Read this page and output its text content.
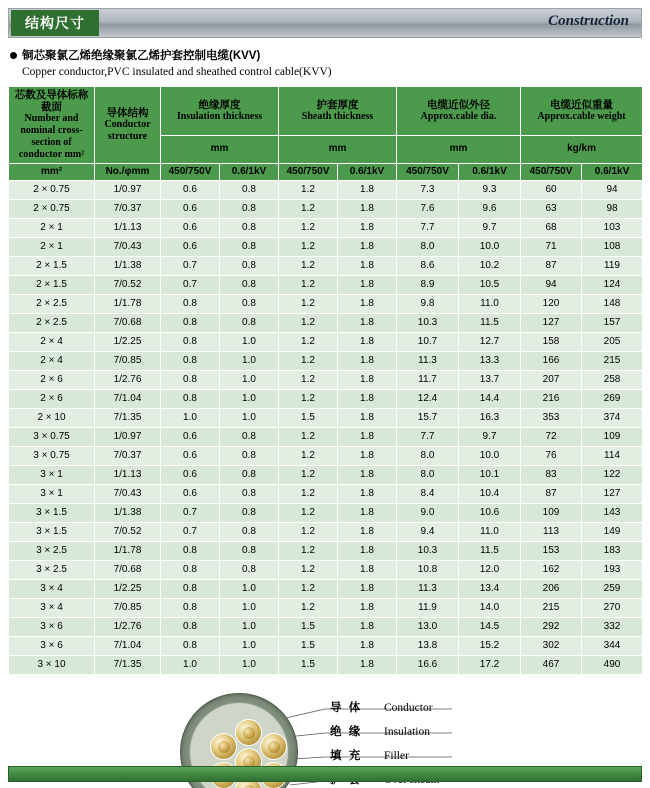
结构尺寸	Construction
铜芯聚氯乙烯绝缘聚氯乙烯护套控制电缆(KVV)
Copper conductor,PVC insulated and sheathed control cable(KVV)
芯数及导体标称截面
Number and nominal cross-section of conductor mm²	导体结构
Conductor structure	绝缘厚度
Insulation thickness		护套厚度
Sheath thickness		电缆近似外径
Approx.cable dia.		电缆近似重量
Approx.cable weight	

		mm		mm		mm		kg/km	
mm²	No./φmm	450/750V	0.6/1kV	450/750V	0.6/1kV	450/750V	0.6/1kV	450/750V	0.6/1kV
2 × 0.75	1/0.97	0.6	0.8	1.2	1.8	7.3	9.3	60	94
2 × 0.75	7/0.37	0.6	0.8	1.2	1.8	7.6	9.6	63	98
2 × 1	1/1.13	0.6	0.8	1.2	1.8	7.7	9.7	68	103
2 × 1	7/0.43	0.6	0.8	1.2	1.8	8.0	10.0	71	108
2 × 1.5	1/1.38	0.7	0.8	1.2	1.8	8.6	10.2	87	119
2 × 1.5	7/0.52	0.7	0.8	1.2	1.8	8.9	10.5	94	124
2 × 2.5	1/1.78	0.8	0.8	1.2	1.8	9.8	11.0	120	148
2 × 2.5	7/0.68	0.8	0.8	1.2	1.8	10.3	11.5	127	157
2 × 4	1/2.25	0.8	1.0	1.2	1.8	10.7	12.7	158	205
2 × 4	7/0.85	0.8	1.0	1.2	1.8	11.3	13.3	166	215
2 × 6	1/2.76	0.8	1.0	1.2	1.8	11.7	13.7	207	258
2 × 6	7/1.04	0.8	1.0	1.2	1.8	12.4	14.4	216	269
2 × 10	7/1.35	1.0	1.0	1.5	1.8	15.7	16.3	353	374
3 × 0.75	1/0.97	0.6	0.8	1.2	1.8	7.7	9.7	72	109
3 × 0.75	7/0.37	0.6	0.8	1.2	1.8	8.0	10.0	76	114
3 × 1	1/1.13	0.6	0.8	1.2	1.8	8.0	10.1	83	122
3 × 1	7/0.43	0.6	0.8	1.2	1.8	8.4	10.4	87	127
3 × 1.5	1/1.38	0.7	0.8	1.2	1.8	9.0	10.6	109	143
3 × 1.5	7/0.52	0.7	0.8	1.2	1.8	9.4	11.0	113	149
3 × 2.5	1/1.78	0.8	0.8	1.2	1.8	10.3	11.5	153	183
3 × 2.5	7/0.68	0.8	0.8	1.2	1.8	10.8	12.0	162	193
3 × 4	1/2.25	0.8	1.0	1.2	1.8	11.3	13.4	206	259
3 × 4	7/0.85	0.8	1.0	1.2	1.8	11.9	14.0	215	270
3 × 6	1/2.76	0.8	1.0	1.5	1.8	13.0	14.5	292	332
3 × 6	7/1.04	0.8	1.0	1.5	1.8	13.8	15.2	302	344
3 × 10	7/1.35	1.0	1.0	1.5	1.8	16.6	17.2	467	490
导 体	Conductor
绝 缘	Insulation
填 充	Filler
